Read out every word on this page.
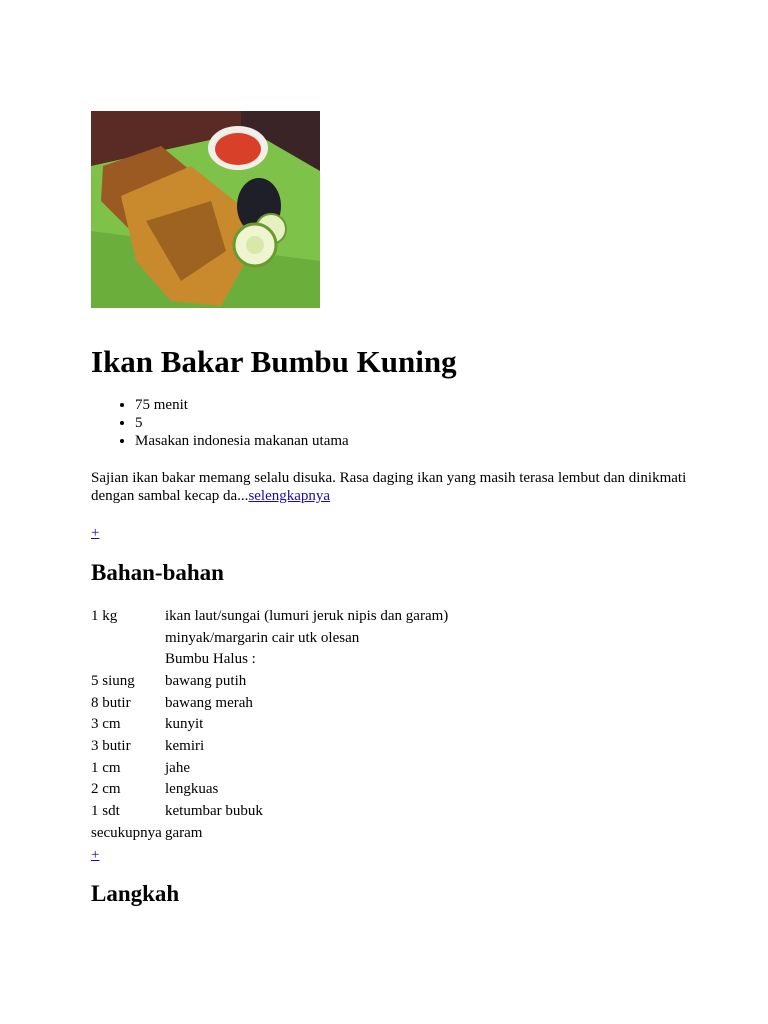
Ikan Bakar Bumbu Kuning
• 75 menit
• 5
• Masakan indonesia makanan utama

Sajian ikan bakar memang selalu disuka. Rasa daging ikan yang masih terasa lembut dan dinikmati dengan sambal kecap da...selengkapnya

+
Bahan-bahan
1 kg	ikan laut/sungai (lumuri jeruk nipis dan garam)
	minyak/margarin cair utk olesan
	Bumbu Halus :
5 siung	bawang putih
8 butir	bawang merah
3 cm	kunyit
3 butir	kemiri
1 cm	jahe
2 cm	lengkuas
1 sdt	ketumbar bubuk
secukupnya	garam
+
Langkah
